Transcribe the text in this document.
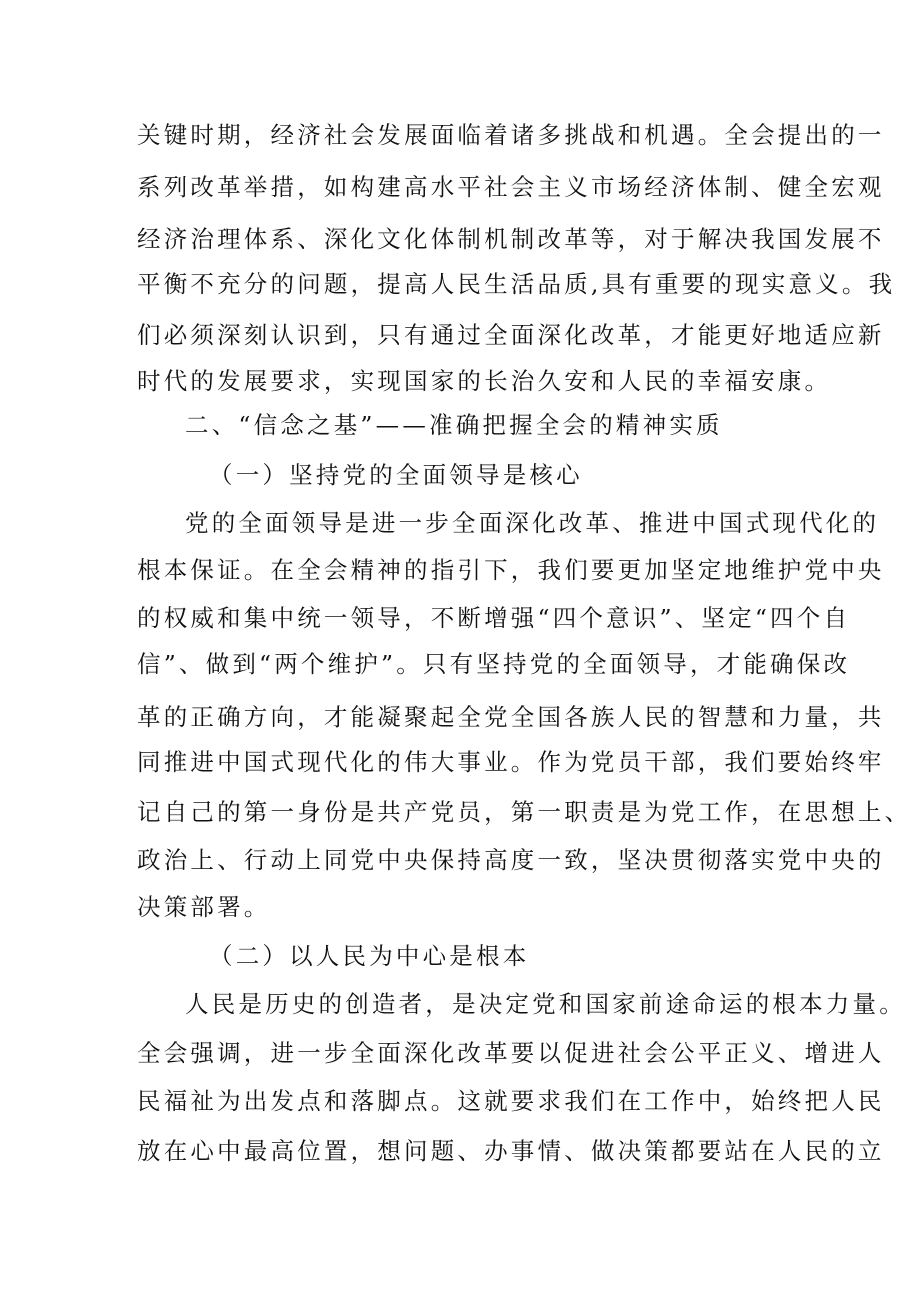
关键时期，经济社会发展面临着诸多挑战和机遇。全会提出的一
系列改革举措，如构建高水平社会主义市场经济体制、健全宏观
经济治理体系、深化文化体制机制改革等，对于解决我国发展不
平衡不充分的问题，提高人民生活品质,具有重要的现实意义。我
们必须深刻认识到，只有通过全面深化改革，才能更好地适应新
时代的发展要求，实现国家的长治久安和人民的幸福安康。
二、“信念之基”——准确把握全会的精神实质
（一）坚持党的全面领导是核心
党的全面领导是进一步全面深化改革、推进中国式现代化的
根本保证。在全会精神的指引下，我们要更加坚定地维护党中央
的权威和集中统一领导，不断增强“四个意识”、坚定“四个自
信”、做到“两个维护”。只有坚持党的全面领导，才能确保改
革的正确方向，才能凝聚起全党全国各族人民的智慧和力量，共
同推进中国式现代化的伟大事业。作为党员干部，我们要始终牢
记自己的第一身份是共产党员，第一职责是为党工作，在思想上、
政治上、行动上同党中央保持高度一致，坚决贯彻落实党中央的
决策部署。
（二）以人民为中心是根本
人民是历史的创造者，是决定党和国家前途命运的根本力量。
全会强调，进一步全面深化改革要以促进社会公平正义、增进人
民福祉为出发点和落脚点。这就要求我们在工作中，始终把人民
放在心中最高位置，想问题、办事情、做决策都要站在人民的立
